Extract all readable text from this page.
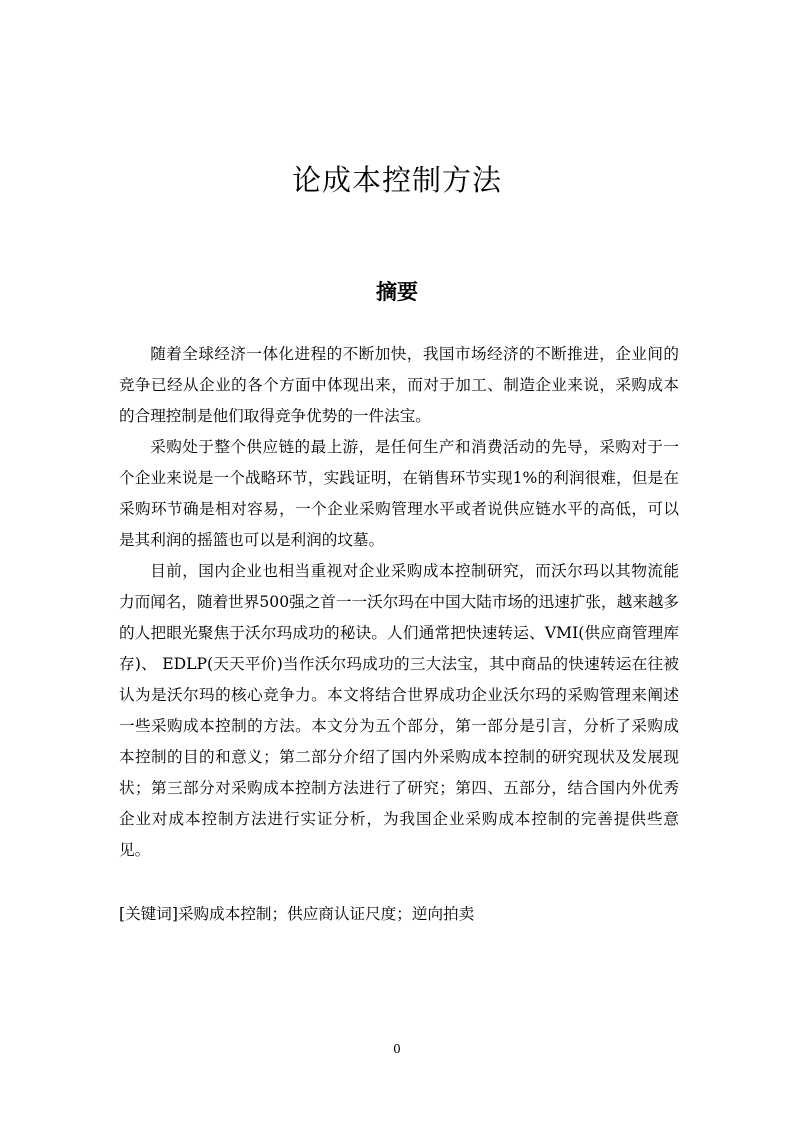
论成本控制方法
摘要

随着全球经济一体化进程的不断加快，我国市场经济的不断推进，企业间的竞争已经从企业的各个方面中体现出来，而对于加工、制造企业来说，采购成本的合理控制是他们取得竞争优势的一件法宝。

采购处于整个供应链的最上游，是任何生产和消费活动的先导，采购对于一个企业来说是一个战略环节，实践证明，在销售环节实现1%的利润很难，但是在采购环节确是相对容易，一个企业采购管理水平或者说供应链水平的高低，可以是其利润的摇篮也可以是利润的坟墓。

目前，国内企业也相当重视对企业采购成本控制研究，而沃尔玛以其物流能力而闻名，随着世界500强之首一一沃尔玛在中国大陆市场的迅速扩张，越来越多的人把眼光聚焦于沃尔玛成功的秘诀。人们通常把快速转运、VMI(供应商管理库存)、 EDLP(天天平价)当作沃尔玛成功的三大法宝，其中商品的快速转运在往被认为是沃尔玛的核心竞争力。本文将结合世界成功企业沃尔玛的采购管理来阐述一些采购成本控制的方法。本文分为五个部分，第一部分是引言，分析了采购成本控制的目的和意义；第二部分介绍了国内外采购成本控制的研究现状及发展现状；第三部分对采购成本控制方法进行了研究；第四、五部分，结合国内外优秀企业对成本控制方法进行实证分析，为我国企业采购成本控制的完善提供些意见。

[关键词]采购成本控制；供应商认证尺度；逆向拍卖
0
